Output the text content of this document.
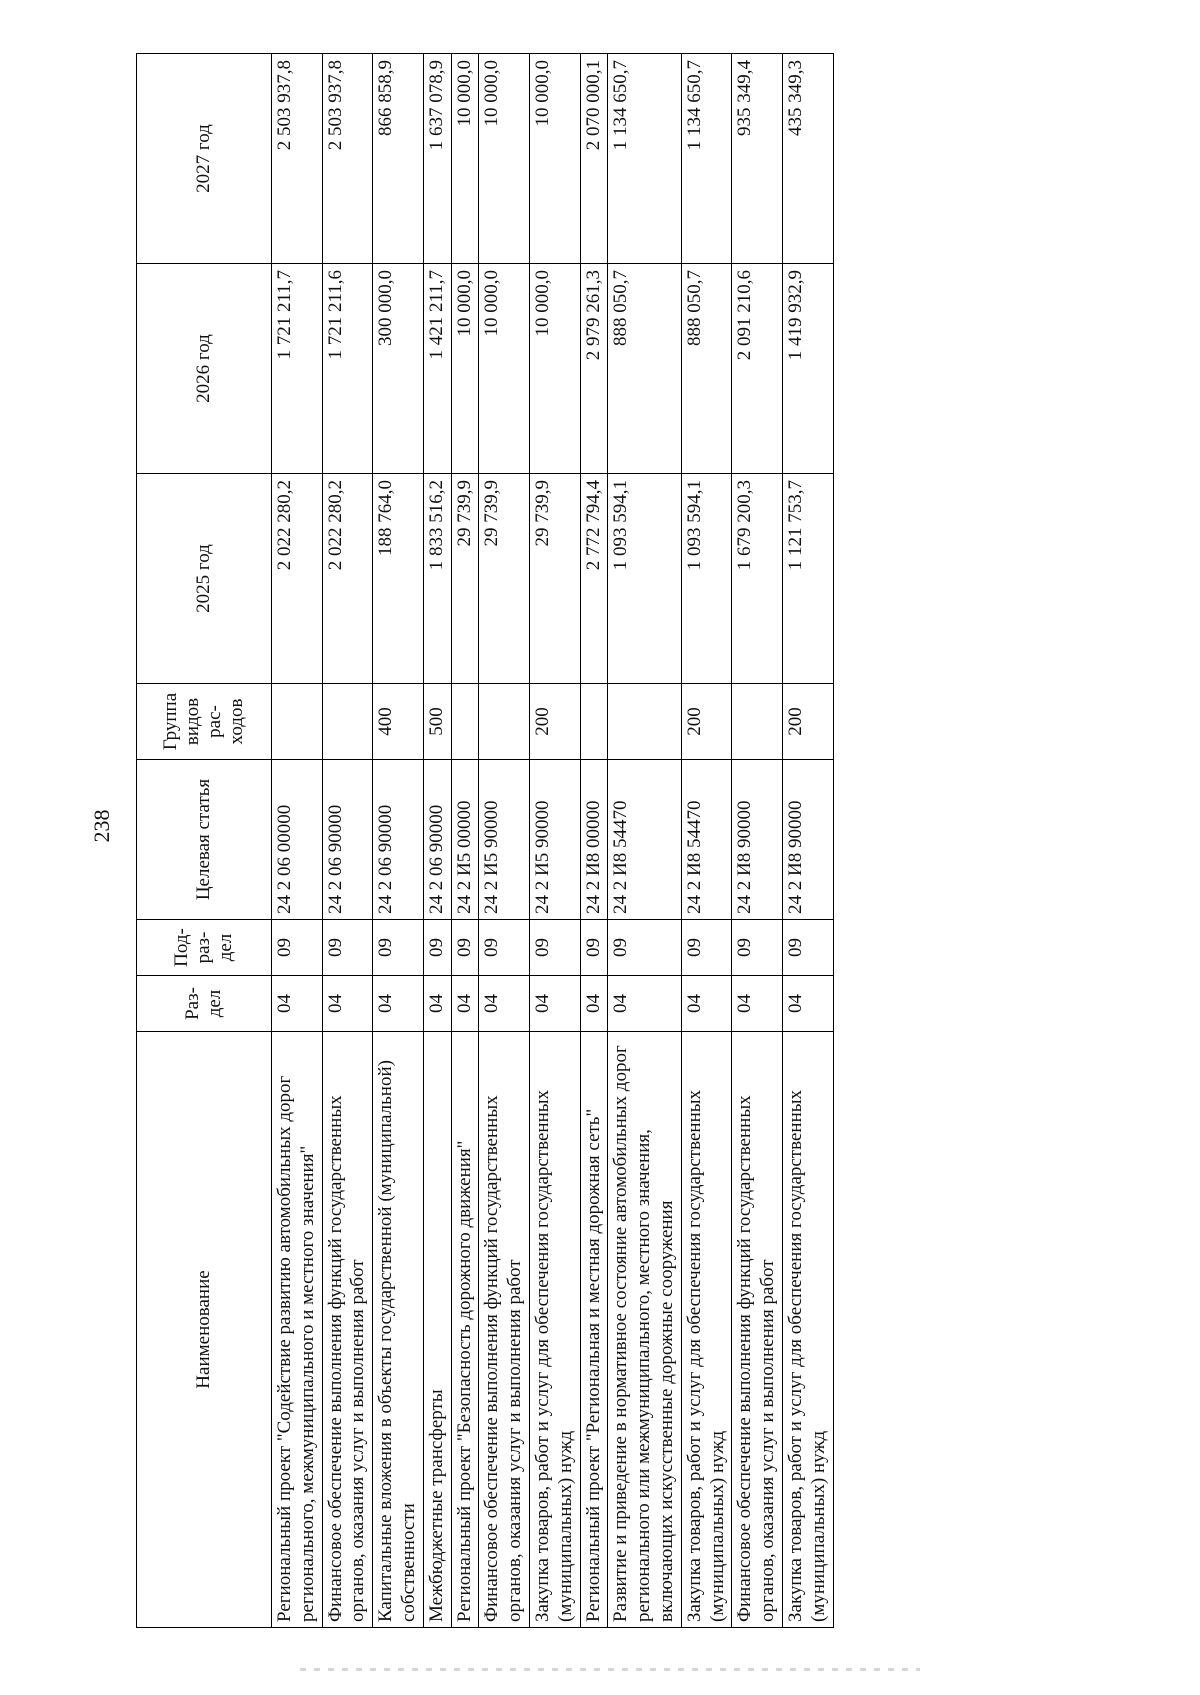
238
Наименование	Раз-дел	Под-раз-дел	Целевая статья	Группа видов рас-ходов	2025 год	2026 год	2027 год
Региональный проект "Содействие развитию автомобильных дорог регионального, межмуниципального и местного значения"	04	09	24 2 06 00000		2 022 280,2	1 721 211,7	2 503 937,8
Финансовое обеспечение выполнения функций государственных органов, оказания услуг и выполнения работ	04	09	24 2 06 90000		2 022 280,2	1 721 211,6	2 503 937,8
Капитальные вложения в объекты государственной (муниципальной) собственности	04	09	24 2 06 90000	400	188 764,0	300 000,0	866 858,9
Межбюджетные трансферты	04	09	24 2 06 90000	500	1 833 516,2	1 421 211,7	1 637 078,9
Региональный проект "Безопасность дорожного движения"	04	09	24 2 И5 00000		29 739,9	10 000,0	10 000,0
Финансовое обеспечение выполнения функций государственных органов, оказания услуг и выполнения работ	04	09	24 2 И5 90000		29 739,9	10 000,0	10 000,0
Закупка товаров, работ и услуг для обеспечения государственных (муниципальных) нужд	04	09	24 2 И5 90000	200	29 739,9	10 000,0	10 000,0
Региональный проект "Региональная и местная дорожная сеть"	04	09	24 2 И8 00000		2 772 794,4	2 979 261,3	2 070 000,1
Развитие и приведение в нормативное состояние автомобильных дорог регионального или межмуниципального, местного значения, включающих искусственные дорожные сооружения	04	09	24 2 И8 54470		1 093 594,1	888 050,7	1 134 650,7
Закупка товаров, работ и услуг для обеспечения государственных (муниципальных) нужд	04	09	24 2 И8 54470	200	1 093 594,1	888 050,7	1 134 650,7
Финансовое обеспечение выполнения функций государственных органов, оказания услуг и выполнения работ	04	09	24 2 И8 90000		1 679 200,3	2 091 210,6	935 349,4
Закупка товаров, работ и услуг для обеспечения государственных (муниципальных) нужд	04	09	24 2 И8 90000	200	1 121 753,7	1 419 932,9	435 349,3
